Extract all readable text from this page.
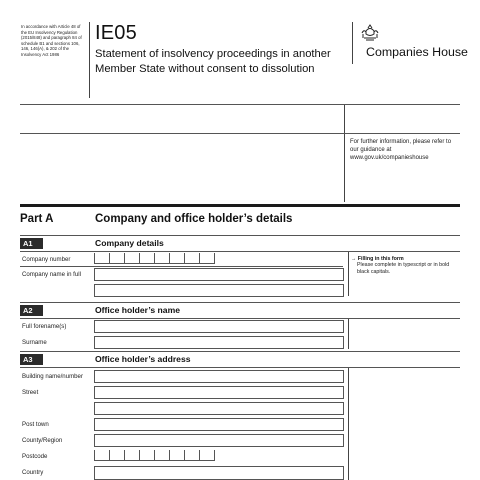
In accordance with Article 48 of the EU Insolvency Regulation (2015/848) and paragraph 84 of schedule B1 and sections 106, 146, 146(A), & 202 of the Insolvency Act 1986
IE05
Statement of insolvency proceedings in another Member State without consent to dissolution
Companies House
For further information, please refer to our guidance at www.gov.uk/companieshouse
Part A	Company and office holder’s details
A1	Company details
Company number
Company name in full
→ Filling in this form
Please complete in typescript or in bold black capitals.
A2	Office holder’s name
Full forename(s)
Surname
A3	Office holder’s address
Building name/number
Street
Post town
County/Region
Postcode
Country
